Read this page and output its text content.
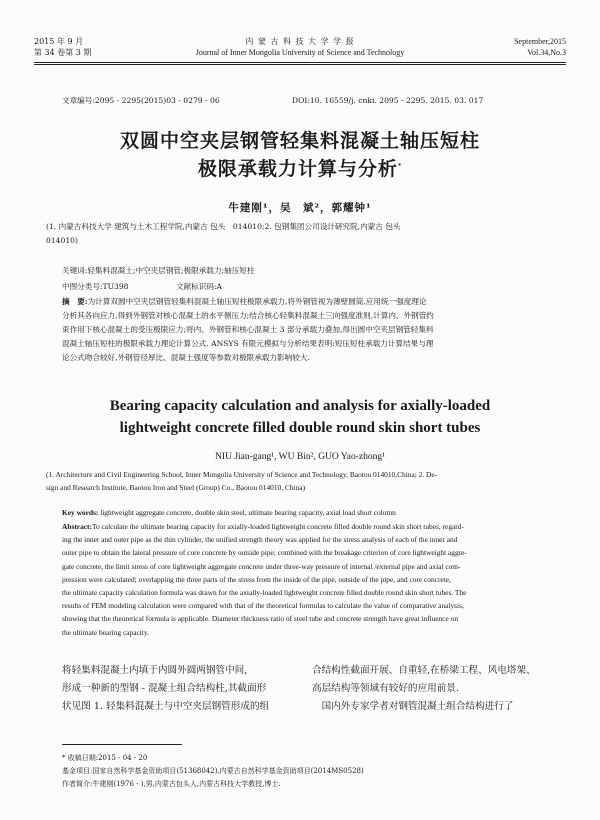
2015 年 9 月
第 34 卷第 3 期
内 蒙 古 科 技 大 学 学 报
Journal of Inner Mongolia University of Science and Technology
September,2015
Vol.34,No.3
文章编号:2095 - 2295(2015)03 - 0279 - 06	DOI:10. 16559/j. cnki. 2095 - 2295. 2015. 03. 017
双圆中空夹层钢管轻集料混凝土轴压短柱
极限承载力计算与分析*
牛建刚¹，吴　斌²，郭耀钟¹
(1. 内蒙古科技大学 建筑与土木工程学院,内蒙古 包头　014010;2. 包钢集团公司设计研究院,内蒙古 包头
014010)
关键词:轻集料混凝土;中空夹层钢管;极限承载力;轴压短柱
中图分类号:TU398	文献标识码:A
摘　要:为计算双圆中空夹层钢管轻集料混凝土轴压短柱极限承载力,将外钢管视为薄壁圆筒,应用统一强度理论
分析其各向应力,得到外钢管对核心混凝土的水平侧压力;结合核心轻集料混凝土三向强度准则,计算内、外钢管约
束作用下核心混凝土的受压极限应力;将内、外钢管和核心混凝土 3 部分承载力叠加,得出圆中空夹层钢管轻集料
混凝土轴压短柱的极限承载力理论计算公式. ANSYS 有限元模拟与分析结果表明:短压短柱承载力计算结果与理
论公式吻合较好,外钢管径厚比、混凝土强度等参数对极限承载力影响较大.
Bearing capacity calculation and analysis for axially-loaded
lightweight concrete filled double round skin short tubes
NIU Jian-gang¹, WU Bin², GUO Yao-zhong¹
(1. Architecture and Civil Engineering School, Inner Mongolia University of Science and Technology, Baotou 014010,China; 2. De-
sign and Research Institute, Baotou Iron and Steel (Group) Co., Baotou 014010, China)
Key words: lightweight aggregate concrete, double skin steel, ultimate bearing capacity, axial load short column
Abstract:To calculate the ultimate bearing capacity for axially-loaded lightweight concrete filled double round skin short tubes, regard-
ing the inner and outer pipe as the thin cylinder, the unified strength theory was applied for the stress analysis of each of the inner and
outer pipe to obtain the lateral pressure of core concrete by outside pipe; combined with the breakage criterion of core lightweight aggre-
gate concrete, the limit stress of core lightweight aggregate concrete under three-way pressure of internal /external pipe and axial com-
pression were calculated; overlapping the three parts of the stress from the inside of the pipe, outside of the pipe, and core concrete,
the ultimate capacity calculation formula was drawn for the axially-loaded lightweight concrete filled double round skin short tubes. The
results of FEM modeling calculation were compared with that of the theoretical formulas to calculate the value of comparative analysis,
showing that the theoretical formula is applicable. Diameter thickness ratio of steel tube and concrete strength have great influence on
the ultimate bearing capacity.
将轻集料混凝土内填于内圆外圆两钢管中间,
形成一种新的型钢 - 混凝土组合结构柱,其截面形
状见图 1. 轻集料混凝土与中空夹层钢管形成的组
合结构性截面开展、自重轻,在桥梁工程、风电塔架、
高层结构等领域有较好的应用前景.
　国内外专家学者对钢管混凝土组合结构进行了
* 收稿日期:2015 - 04 - 20
基金项目:国家自然科学基金资助项目(51368042),内蒙古自然科学基金资助项目(2014MS0528)
作者简介:牛建刚(1976 - ),男,内蒙古包头人,内蒙古科技大学教授,博士.
